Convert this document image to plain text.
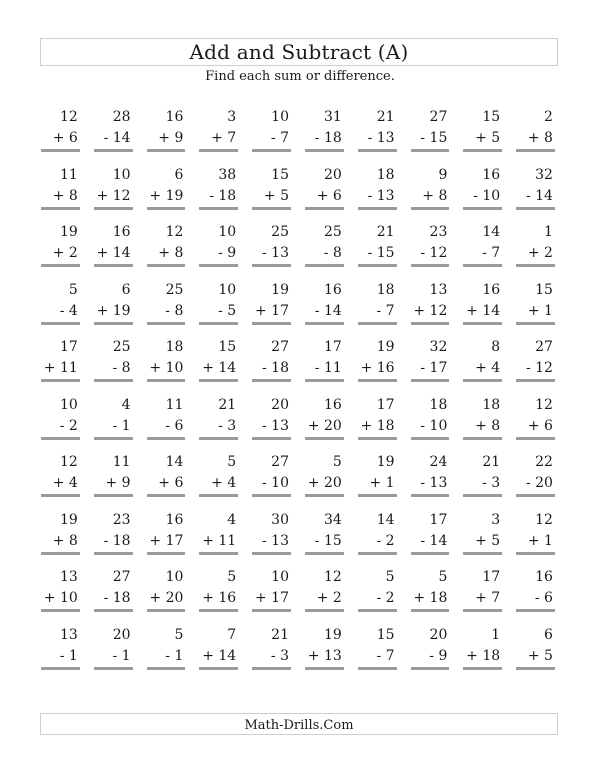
Add and Subtract (A)
Find each sum or difference.
12
+ 6
28
- 14
16
+ 9
3
+ 7
10
- 7
31
- 18
21
- 13
27
- 15
15
+ 5
2
+ 8
11
+ 8
10
+ 12
6
+ 19
38
- 18
15
+ 5
20
+ 6
18
- 13
9
+ 8
16
- 10
32
- 14
19
+ 2
16
+ 14
12
+ 8
10
- 9
25
- 13
25
- 8
21
- 15
23
- 12
14
- 7
1
+ 2
5
- 4
6
+ 19
25
- 8
10
- 5
19
+ 17
16
- 14
18
- 7
13
+ 12
16
+ 14
15
+ 1
17
+ 11
25
- 8
18
+ 10
15
+ 14
27
- 18
17
- 11
19
+ 16
32
- 17
8
+ 4
27
- 12
10
- 2
4
- 1
11
- 6
21
- 3
20
- 13
16
+ 20
17
+ 18
18
- 10
18
+ 8
12
+ 6
12
+ 4
11
+ 9
14
+ 6
5
+ 4
27
- 10
5
+ 20
19
+ 1
24
- 13
21
- 3
22
- 20
19
+ 8
23
- 18
16
+ 17
4
+ 11
30
- 13
34
- 15
14
- 2
17
- 14
3
+ 5
12
+ 1
13
+ 10
27
- 18
10
+ 20
5
+ 16
10
+ 17
12
+ 2
5
- 2
5
+ 18
17
+ 7
16
- 6
13
- 1
20
- 1
5
- 1
7
+ 14
21
- 3
19
+ 13
15
- 7
20
- 9
1
+ 18
6
+ 5
Math-Drills.Com
